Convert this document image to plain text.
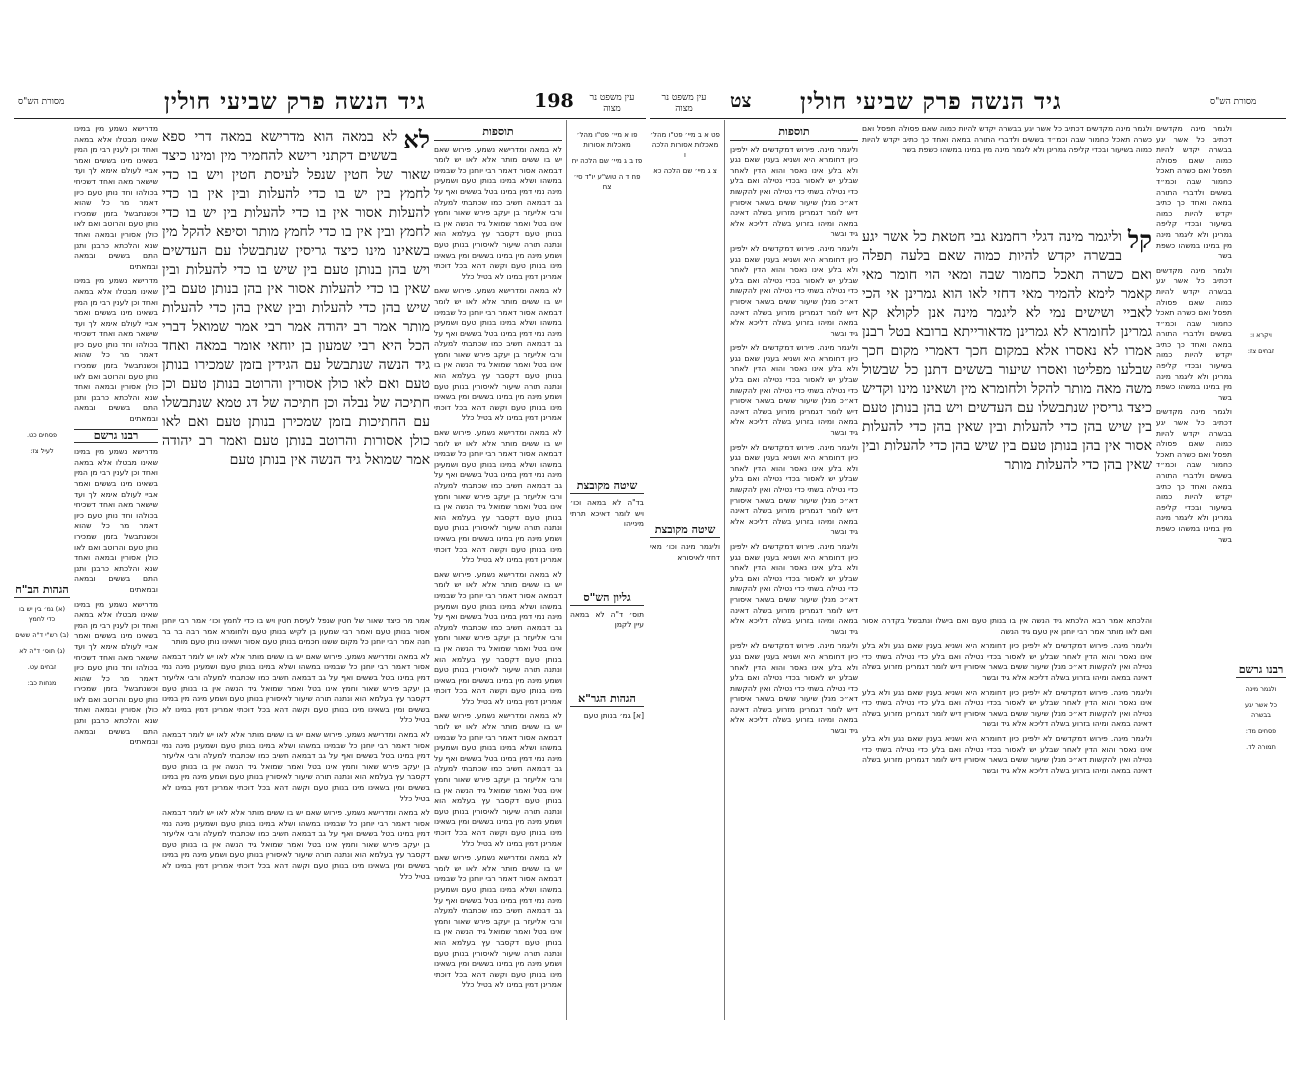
מסורת הש"ס	גיד הנשה פרק שביעי חולין	198	עין משפט נר מצוה
פו א מיי׳ פט"ו מהל׳ מאכלות אסורות
פז ב ג מיי׳ שם הלכה יח
פח ד ה טוש"ע יו"ד סי׳ צח
שיטה מקובצת
בד"ה לא במאה וכו׳ ויש לומר דאיכא תרתי מינייהו
גליון הש"ס
תוס׳ ד"ה לא במאה עיין לקמן
הגהות הגר"א
[א] גמ׳ בנותן טעם
תוספות

לא במאה ומדרישא נשמע. פירוש שאם יש בו ששים מותר אלא לאו יש לומר דבמאה אסור דאמר רבי יוחנן כל שבמינו במשהו ושלא במינו בנותן טעם ושמעינן מינה נמי דמין במינו בטל בששים ואף על גב דבמאה חשיב כמו שכתבתי למעלה ורבי אליעזר בן יעקב פירש שאור וחמץ אינו בטל ואמר שמואל גיד הנשה אין בו בנותן טעם דקסבר עץ בעלמא הוא ונתנה תורה שיעור לאיסורין בנותן טעם ושמע מינה מין במינו בששים ומין בשאינו מינו בנותן טעם וקשה דהא בכל דוכתי אמרינן דמין במינו לא בטיל כלל

לא במאה ומדרישא נשמע. פירוש שאם יש בו ששים מותר אלא לאו יש לומר דבמאה אסור דאמר רבי יוחנן כל שבמינו במשהו ושלא במינו בנותן טעם ושמעינן מינה נמי דמין במינו בטל בששים ואף על גב דבמאה חשיב כמו שכתבתי למעלה ורבי אליעזר בן יעקב פירש שאור וחמץ אינו בטל ואמר שמואל גיד הנשה אין בו בנותן טעם דקסבר עץ בעלמא הוא ונתנה תורה שיעור לאיסורין בנותן טעם ושמע מינה מין במינו בששים ומין בשאינו מינו בנותן טעם וקשה דהא בכל דוכתי אמרינן דמין במינו לא בטיל כלל

לא במאה ומדרישא נשמע. פירוש שאם יש בו ששים מותר אלא לאו יש לומר דבמאה אסור דאמר רבי יוחנן כל שבמינו במשהו ושלא במינו בנותן טעם ושמעינן מינה נמי דמין במינו בטל בששים ואף על גב דבמאה חשיב כמו שכתבתי למעלה ורבי אליעזר בן יעקב פירש שאור וחמץ אינו בטל ואמר שמואל גיד הנשה אין בו בנותן טעם דקסבר עץ בעלמא הוא ונתנה תורה שיעור לאיסורין בנותן טעם ושמע מינה מין במינו בששים ומין בשאינו מינו בנותן טעם וקשה דהא בכל דוכתי אמרינן דמין במינו לא בטיל כלל

לא במאה ומדרישא נשמע. פירוש שאם יש בו ששים מותר אלא לאו יש לומר דבמאה אסור דאמר רבי יוחנן כל שבמינו במשהו ושלא במינו בנותן טעם ושמעינן מינה נמי דמין במינו בטל בששים ואף על גב דבמאה חשיב כמו שכתבתי למעלה ורבי אליעזר בן יעקב פירש שאור וחמץ אינו בטל ואמר שמואל גיד הנשה אין בו בנותן טעם דקסבר עץ בעלמא הוא ונתנה תורה שיעור לאיסורין בנותן טעם ושמע מינה מין במינו בששים ומין בשאינו מינו בנותן טעם וקשה דהא בכל דוכתי אמרינן דמין במינו לא בטיל כלל

לא במאה ומדרישא נשמע. פירוש שאם יש בו ששים מותר אלא לאו יש לומר דבמאה אסור דאמר רבי יוחנן כל שבמינו במשהו ושלא במינו בנותן טעם ושמעינן מינה נמי דמין במינו בטל בששים ואף על גב דבמאה חשיב כמו שכתבתי למעלה ורבי אליעזר בן יעקב פירש שאור וחמץ אינו בטל ואמר שמואל גיד הנשה אין בו בנותן טעם דקסבר עץ בעלמא הוא ונתנה תורה שיעור לאיסורין בנותן טעם ושמע מינה מין במינו בששים ומין בשאינו מינו בנותן טעם וקשה דהא בכל דוכתי אמרינן דמין במינו לא בטיל כלל

לא במאה ומדרישא נשמע. פירוש שאם יש בו ששים מותר אלא לאו יש לומר דבמאה אסור דאמר רבי יוחנן כל שבמינו במשהו ושלא במינו בנותן טעם ושמעינן מינה נמי דמין במינו בטל בששים ואף על גב דבמאה חשיב כמו שכתבתי למעלה ורבי אליעזר בן יעקב פירש שאור וחמץ אינו בטל ואמר שמואל גיד הנשה אין בו בנותן טעם דקסבר עץ בעלמא הוא ונתנה תורה שיעור לאיסורין בנותן טעם ושמע מינה מין במינו בששים ומין בשאינו מינו בנותן טעם וקשה דהא בכל דוכתי אמרינן דמין במינו לא בטיל כלל

לא
לא במאה הוא מדרישא במאה דרי ספא בששים דקתני רישא להחמיר מין ומינו כיצד שאור של חטין שנפל לעיסת חטין ויש בו כדי לחמץ בין יש בו כדי להעלות ובין אין בו כדי להעלות אסור אין בו כדי להעלות בין יש בו כדי לחמץ ובין אין בו כדי לחמץ מותר וסיפא להקל מין בשאינו מינו כיצד גריסין שנתבשלו עם העדשים ויש בהן בנותן טעם בין שיש בו כדי להעלות ובין שאין בו כדי להעלות אסור אין בהן בנותן טעם בין שיש בהן כדי להעלות ובין שאין בהן כדי להעלות מותר אמר רב יהודה אמר רבי אמר שמואל דברי הכל היא רבי שמעון בן יוחאי אומר במאה ואחד גיד הנשה שנתבשל עם הגידין בזמן שמכירו בנותן טעם ואם לאו כולן אסורין והרוטב בנותן טעם וכן חתיכה של נבלה וכן חתיכה של דג טמא שנתבשלו עם החתיכות בזמן שמכירן בנותן טעם ואם לאו כולן אסורות והרוטב בנותן טעם ואמר רב יהודה אמר שמואל גיד הנשה אין בנותן טעם

אמר מר כיצד שאור של חטין שנפל לעיסת חטין ויש בו כדי לחמץ וכו׳ אמר רבי יוחנן אסור בנותן טעם ואמר רבי שמעון בן לקיש בנותן טעם ולחומרא אמר רבה בר בר חנה אמר רבי יוחנן כל מקום ששנו חכמים בנותן טעם אסור ושאינו נותן טעם מותר

לא במאה ומדרישא נשמע. פירוש שאם יש בו ששים מותר אלא לאו יש לומר דבמאה אסור דאמר רבי יוחנן כל שבמינו במשהו ושלא במינו בנותן טעם ושמעינן מינה נמי דמין במינו בטל בששים ואף על גב דבמאה חשיב כמו שכתבתי למעלה ורבי אליעזר בן יעקב פירש שאור וחמץ אינו בטל ואמר שמואל גיד הנשה אין בו בנותן טעם דקסבר עץ בעלמא הוא ונתנה תורה שיעור לאיסורין בנותן טעם ושמע מינה מין במינו בששים ומין בשאינו מינו בנותן טעם וקשה דהא בכל דוכתי אמרינן דמין במינו לא בטיל כלל

לא במאה ומדרישא נשמע. פירוש שאם יש בו ששים מותר אלא לאו יש לומר דבמאה אסור דאמר רבי יוחנן כל שבמינו במשהו ושלא במינו בנותן טעם ושמעינן מינה נמי דמין במינו בטל בששים ואף על גב דבמאה חשיב כמו שכתבתי למעלה ורבי אליעזר בן יעקב פירש שאור וחמץ אינו בטל ואמר שמואל גיד הנשה אין בו בנותן טעם דקסבר עץ בעלמא הוא ונתנה תורה שיעור לאיסורין בנותן טעם ושמע מינה מין במינו בששים ומין בשאינו מינו בנותן טעם וקשה דהא בכל דוכתי אמרינן דמין במינו לא בטיל כלל

לא במאה ומדרישא נשמע. פירוש שאם יש בו ששים מותר אלא לאו יש לומר דבמאה אסור דאמר רבי יוחנן כל שבמינו במשהו ושלא במינו בנותן טעם ושמעינן מינה נמי דמין במינו בטל בששים ואף על גב דבמאה חשיב כמו שכתבתי למעלה ורבי אליעזר בן יעקב פירש שאור וחמץ אינו בטל ואמר שמואל גיד הנשה אין בו בנותן טעם דקסבר עץ בעלמא הוא ונתנה תורה שיעור לאיסורין בנותן טעם ושמע מינה מין במינו בששים ומין בשאינו מינו בנותן טעם וקשה דהא בכל דוכתי אמרינן דמין במינו לא בטיל כלל

מדרישא נשמע מין במינו שאינו מבטלו אלא במאה ואחד וכן לענין רבי מן המין בשאינו מינו בששים ואמר אביי לעולם אימא לך ועד שישאר מאה ואחד דשכיחי בכולהו וחד נותן טעם כיון דאמר מר כל שהוא וכשנתבשל בזמן שמכירו נותן טעם והרוטב ואם לאו כולן אסורין ובמאה ואחד שנא והלכתא כרבנן ותנן התם בששים ובמאה ובמאתים

מדרישא נשמע מין במינו שאינו מבטלו אלא במאה ואחד וכן לענין רבי מן המין בשאינו מינו בששים ואמר אביי לעולם אימא לך ועד שישאר מאה ואחד דשכיחי בכולהו וחד נותן טעם כיון דאמר מר כל שהוא וכשנתבשל בזמן שמכירו נותן טעם והרוטב ואם לאו כולן אסורין ובמאה ואחד שנא והלכתא כרבנן ותנן התם בששים ובמאה ובמאתים

רבנו גרשם

מדרישא נשמע מין במינו שאינו מבטלו אלא במאה ואחד וכן לענין רבי מן המין בשאינו מינו בששים ואמר אביי לעולם אימא לך ועד שישאר מאה ואחד דשכיחי בכולהו וחד נותן טעם כיון דאמר מר כל שהוא וכשנתבשל בזמן שמכירו נותן טעם והרוטב ואם לאו כולן אסורין ובמאה ואחד שנא והלכתא כרבנן ותנן התם בששים ובמאה ובמאתים

מדרישא נשמע מין במינו שאינו מבטלו אלא במאה ואחד וכן לענין רבי מן המין בשאינו מינו בששים ואמר אביי לעולם אימא לך ועד שישאר מאה ואחד דשכיחי בכולהו וחד נותן טעם כיון דאמר מר כל שהוא וכשנתבשל בזמן שמכירו נותן טעם והרוטב ואם לאו כולן אסורין ובמאה ואחד שנא והלכתא כרבנן ותנן התם בששים ובמאה ובמאתים

פסחים כט.
לעיל צז:
הגהות הב"ח
(א) גמ׳ בין יש בו כדי לחמץ
(ב) רש"י ד"ה ששים
(ג) תוס׳ ד"ה לא
זבחים עט.
מנחות כב:
עין משפט נר מצוה	צט גיד הנשה פרק שביעי חולין	מסורת הש"ס
פט א ב מיי׳ פט"ו מהל׳ מאכלות אסורות הלכה ו
צ ג מיי׳ שם הלכה כא
שיטה מקובצת
וליגמר מינה וכו׳ מאי דחזי לאיסורא
תוספות

וליגמר מינה. פירוש דמקדשים לא ילפינן כיון דחומרא היא ושניא בענין שאם נגע ולא בלע אינו נאסר והוא הדין לאחר שבלע יש לאסור בכדי נטילה ואם בלע כדי נטילה בשתי כדי נטילה ואין להקשות דא״כ מנלן שיעור ששים בשאר איסורין דיש לומר דגמרינן מזרוע בשלה דאינה במאה ומיהו בזרוע בשלה דליכא אלא גיד ובשר

וליגמר מינה. פירוש דמקדשים לא ילפינן כיון דחומרא היא ושניא בענין שאם נגע ולא בלע אינו נאסר והוא הדין לאחר שבלע יש לאסור בכדי נטילה ואם בלע כדי נטילה בשתי כדי נטילה ואין להקשות דא״כ מנלן שיעור ששים בשאר איסורין דיש לומר דגמרינן מזרוע בשלה דאינה במאה ומיהו בזרוע בשלה דליכא אלא גיד ובשר

וליגמר מינה. פירוש דמקדשים לא ילפינן כיון דחומרא היא ושניא בענין שאם נגע ולא בלע אינו נאסר והוא הדין לאחר שבלע יש לאסור בכדי נטילה ואם בלע כדי נטילה בשתי כדי נטילה ואין להקשות דא״כ מנלן שיעור ששים בשאר איסורין דיש לומר דגמרינן מזרוע בשלה דאינה במאה ומיהו בזרוע בשלה דליכא אלא גיד ובשר

וליגמר מינה. פירוש דמקדשים לא ילפינן כיון דחומרא היא ושניא בענין שאם נגע ולא בלע אינו נאסר והוא הדין לאחר שבלע יש לאסור בכדי נטילה ואם בלע כדי נטילה בשתי כדי נטילה ואין להקשות דא״כ מנלן שיעור ששים בשאר איסורין דיש לומר דגמרינן מזרוע בשלה דאינה במאה ומיהו בזרוע בשלה דליכא אלא גיד ובשר

וליגמר מינה. פירוש דמקדשים לא ילפינן כיון דחומרא היא ושניא בענין שאם נגע ולא בלע אינו נאסר והוא הדין לאחר שבלע יש לאסור בכדי נטילה ואם בלע כדי נטילה בשתי כדי נטילה ואין להקשות דא״כ מנלן שיעור ששים בשאר איסורין דיש לומר דגמרינן מזרוע בשלה דאינה במאה ומיהו בזרוע בשלה דליכא אלא גיד ובשר

וליגמר מינה. פירוש דמקדשים לא ילפינן כיון דחומרא היא ושניא בענין שאם נגע ולא בלע אינו נאסר והוא הדין לאחר שבלע יש לאסור בכדי נטילה ואם בלע כדי נטילה בשתי כדי נטילה ואין להקשות דא״כ מנלן שיעור ששים בשאר איסורין דיש לומר דגמרינן מזרוע בשלה דאינה במאה ומיהו בזרוע בשלה דליכא אלא גיד ובשר

קל
וליגמר מינה דגלי רחמנא גבי חטאת כל אשר יגע בבשרה יקדש להיות כמוה שאם בלעה תפלה ואם כשרה תאכל כחמור שבה ומאי הוי חומר מאי קאמר לימא להמיר מאי דחזי לאו הוא גמרינן אי הכי לאביי ושישים נמי לא ליגמר מינה אנן לקולא קא גמרינן לחומרא לא גמרינן מדאורייתא ברובא בטל רבנן אמרו לא נאסרו אלא במקום חכך דאמרי מקום חכך שבלעו מפליטו ואסרו שיעור בששים דתנן כל שבשול משה מאה מותר להקל ולחומרא מין ושאינו מינו וקדיש כיצד גריסין שנתבשלו עם העדשים ויש בהן בנותן טעם בין שיש בהן כדי להעלות ובין שאין בהן כדי להעלות אסור אין בהן בנותן טעם בין שיש בהן כדי להעלות ובין שאין בהן כדי להעלות מותר

ולגמר מינה מקדשים דכתיב כל אשר יגע בבשרה יקדש להיות כמוה שאם פסולה תפסל ואם כשרה תאכל כחמור שבה וכמ״ד בששים ולדברי התורה במאה ואחד כך כתיב יקדש להיות כמוה בשיעור ובכדי קליפה גמרינן ולא ליגמר מינה מין במינו במשהו כשפת בשר

והלכתא אמר רבא הלכתא גיד הנשה אין בו בנותן טעם ואם בישלו ונתבשל בקדרה אסור ואם לאו מותר אמר רבי יוחנן אין טעם גיד הנשה

וליגמר מינה. פירוש דמקדשים לא ילפינן כיון דחומרא היא ושניא בענין שאם נגע ולא בלע אינו נאסר והוא הדין לאחר שבלע יש לאסור בכדי נטילה ואם בלע כדי נטילה בשתי כדי נטילה ואין להקשות דא״כ מנלן שיעור ששים בשאר איסורין דיש לומר דגמרינן מזרוע בשלה דאינה במאה ומיהו בזרוע בשלה דליכא אלא גיד ובשר

וליגמר מינה. פירוש דמקדשים לא ילפינן כיון דחומרא היא ושניא בענין שאם נגע ולא בלע אינו נאסר והוא הדין לאחר שבלע יש לאסור בכדי נטילה ואם בלע כדי נטילה בשתי כדי נטילה ואין להקשות דא״כ מנלן שיעור ששים בשאר איסורין דיש לומר דגמרינן מזרוע בשלה דאינה במאה ומיהו בזרוע בשלה דליכא אלא גיד ובשר

וליגמר מינה. פירוש דמקדשים לא ילפינן כיון דחומרא היא ושניא בענין שאם נגע ולא בלע אינו נאסר והוא הדין לאחר שבלע יש לאסור בכדי נטילה ואם בלע כדי נטילה בשתי כדי נטילה ואין להקשות דא״כ מנלן שיעור ששים בשאר איסורין דיש לומר דגמרינן מזרוע בשלה דאינה במאה ומיהו בזרוע בשלה דליכא אלא גיד ובשר

ולגמר מינה מקדשים דכתיב כל אשר יגע בבשרה יקדש להיות כמוה שאם פסולה תפסל ואם כשרה תאכל כחמור שבה וכמ״ד בששים ולדברי התורה במאה ואחד כך כתיב יקדש להיות כמוה בשיעור ובכדי קליפה גמרינן ולא ליגמר מינה מין במינו במשהו כשפת בשר

ולגמר מינה מקדשים דכתיב כל אשר יגע בבשרה יקדש להיות כמוה שאם פסולה תפסל ואם כשרה תאכל כחמור שבה וכמ״ד בששים ולדברי התורה במאה ואחד כך כתיב יקדש להיות כמוה בשיעור ובכדי קליפה גמרינן ולא ליגמר מינה מין במינו במשהו כשפת בשר

ולגמר מינה מקדשים דכתיב כל אשר יגע בבשרה יקדש להיות כמוה שאם פסולה תפסל ואם כשרה תאכל כחמור שבה וכמ״ד בששים ולדברי התורה במאה ואחד כך כתיב יקדש להיות כמוה בשיעור ובכדי קליפה גמרינן ולא ליגמר מינה מין במינו במשהו כשפת בשר

ויקרא ו:
זבחים צז:
רבנו גרשם
ולגמר מינה
כל אשר יגע בבשרה
פסחים מד:
תמורה לד.
